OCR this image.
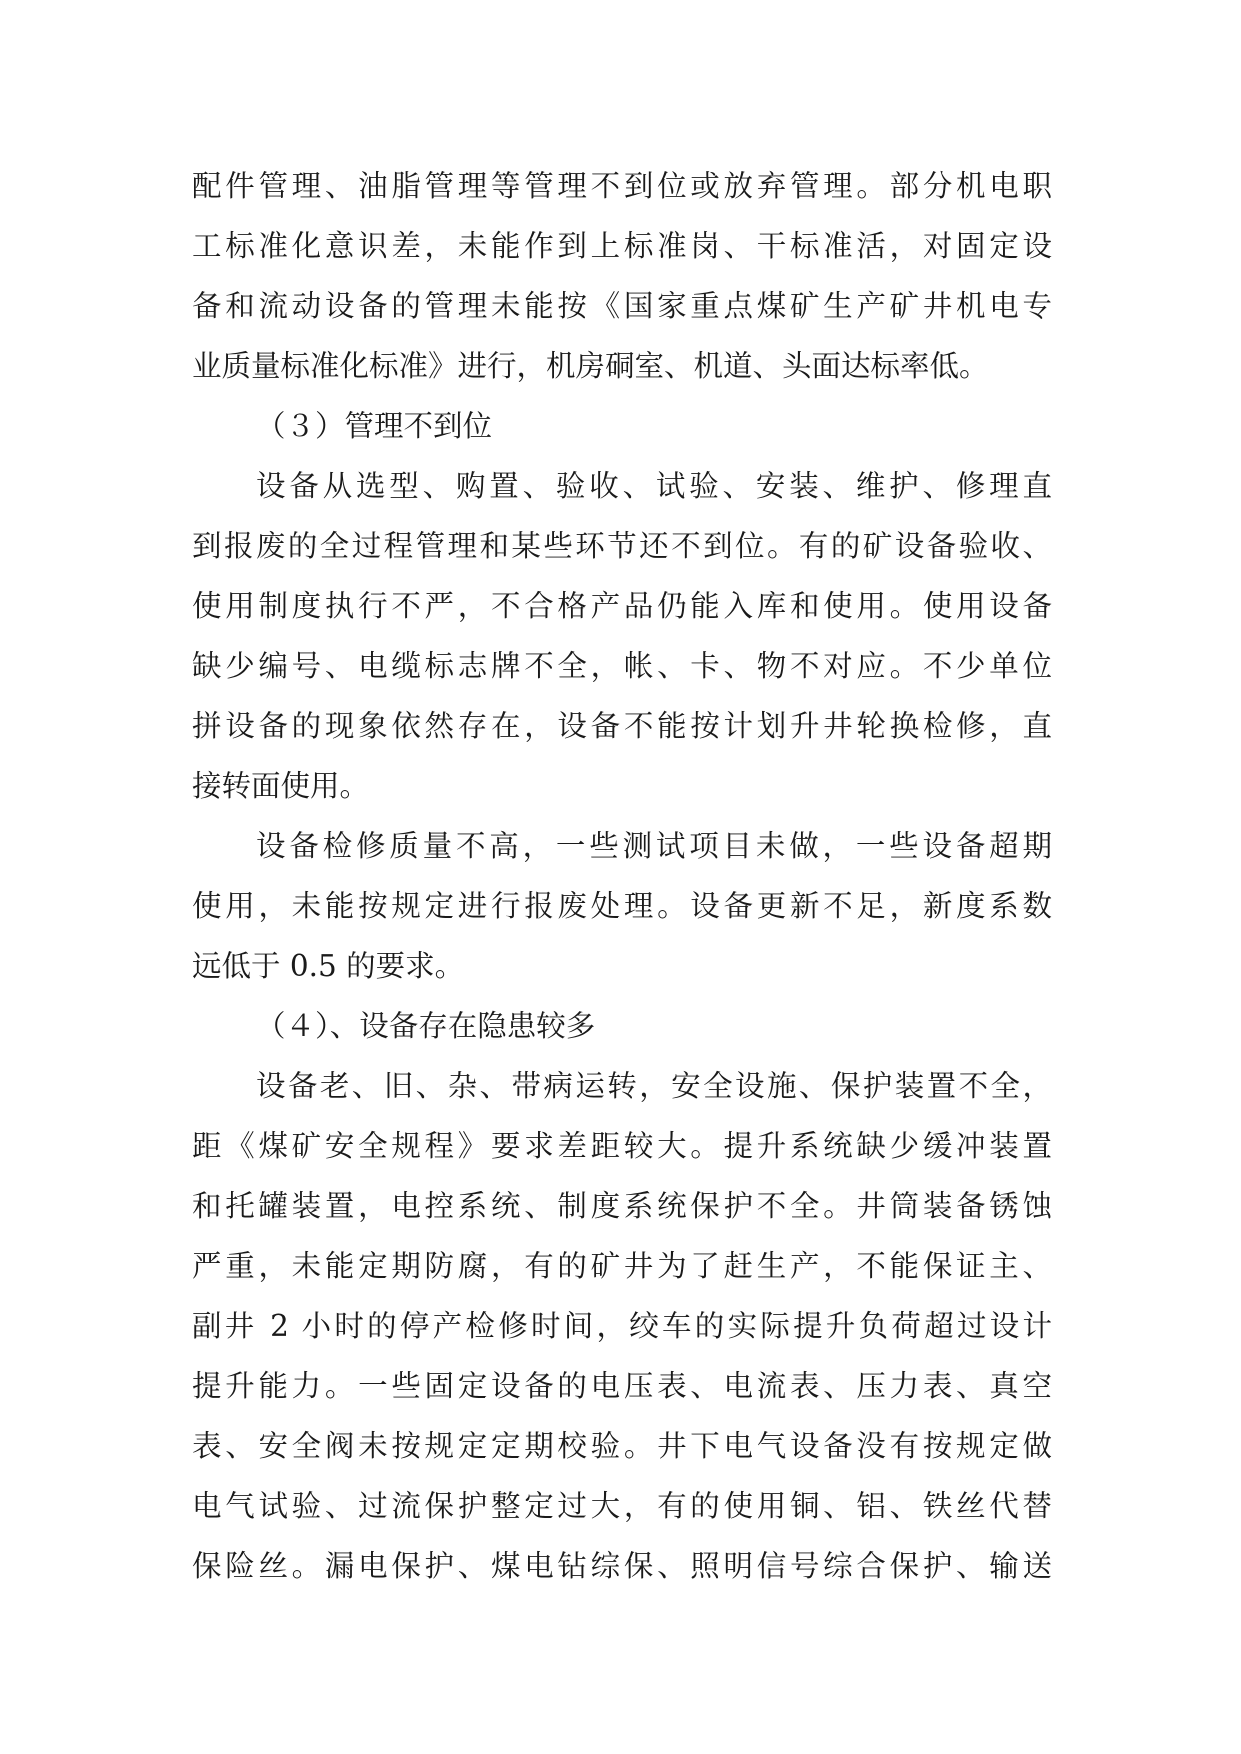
配件管理、油脂管理等管理不到位或放弃管理。部分机电职
工标准化意识差，未能作到上标准岗、干标准活，对固定设
备和流动设备的管理未能按《国家重点煤矿生产矿井机电专
业质量标准化标准》进行，机房硐室、机道、头面达标率低。
（３）管理不到位
设备从选型、购置、验收、试验、安装、维护、修理直
到报废的全过程管理和某些环节还不到位。有的矿设备验收、
使用制度执行不严，不合格产品仍能入库和使用。使用设备
缺少编号、电缆标志牌不全，帐、卡、物不对应。不少单位
拼设备的现象依然存在，设备不能按计划升井轮换检修，直
接转面使用。
设备检修质量不高，一些测试项目未做，一些设备超期
使用，未能按规定进行报废处理。设备更新不足，新度系数
远低于 0.5 的要求。
（４）、设备存在隐患较多
设备老、旧、杂、带病运转，安全设施、保护装置不全，
距《煤矿安全规程》要求差距较大。提升系统缺少缓冲装置
和托罐装置，电控系统、制度系统保护不全。井筒装备锈蚀
严重，未能定期防腐，有的矿井为了赶生产，不能保证主、
副井 2 小时的停产检修时间，绞车的实际提升负荷超过设计
提升能力。一些固定设备的电压表、电流表、压力表、真空
表、安全阀未按规定定期校验。井下电气设备没有按规定做
电气试验、过流保护整定过大，有的使用铜、铝、铁丝代替
保险丝。漏电保护、煤电钻综保、照明信号综合保护、输送
